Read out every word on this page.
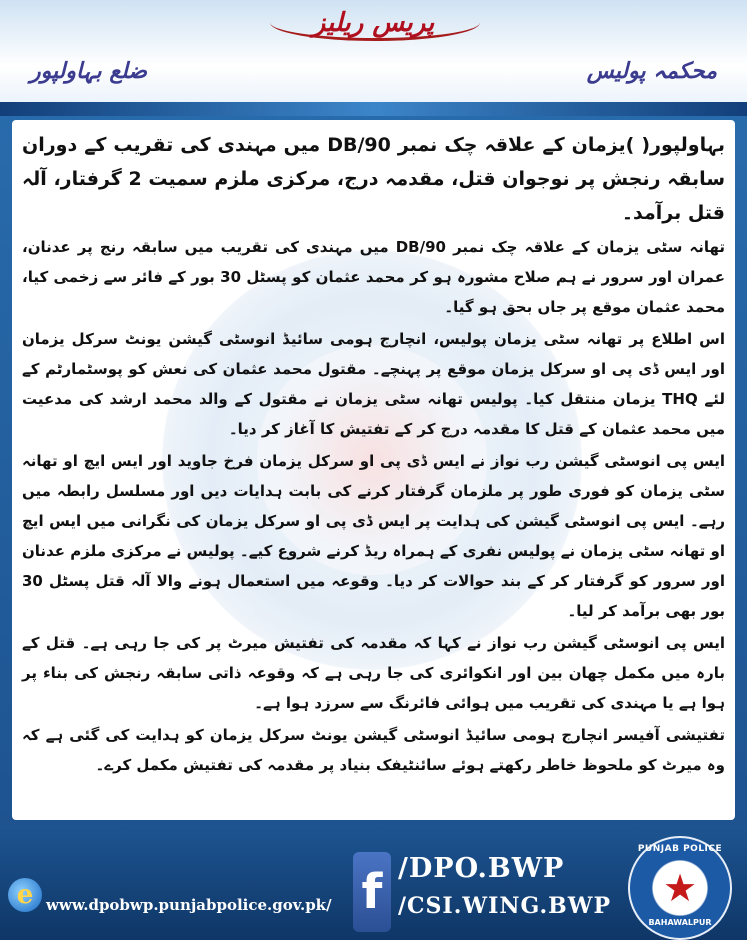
پریس ریلیز
محکمہ پولیس
ضلع بہاولپور
بہاولپور( )یزمان کے علاقہ چک نمبر 90/DB میں مہندی کی تقریب کے دوران سابقہ رنجش پر نوجوان قتل، مقدمہ درج، مرکزی ملزم سمیت 2 گرفتار، آلہ قتل برآمد۔

تھانہ سٹی یزمان کے علاقہ چک نمبر 90/DB میں مہندی کی تقریب میں سابقہ رنج پر عدنان، عمران اور سرور نے ہم صلاح مشورہ ہو کر محمد عثمان کو پسٹل 30 بور کے فائر سے زخمی کیا، محمد عثمان موقع پر جاں بحق ہو گیا۔

اس اطلاع پر تھانہ سٹی یزمان پولیس، انچارج ہومی سائیڈ انوسٹی گیشن یونٹ سرکل یزمان اور ایس ڈی پی او سرکل یزمان موقع پر پہنچے۔ مقتول محمد عثمان کی نعش کو پوسٹمارٹم کے لئے THQ یزمان منتقل کیا۔ پولیس تھانہ سٹی یزمان نے مقتول کے والد محمد ارشد کی مدعیت میں محمد عثمان کے قتل کا مقدمہ درج کر کے تفتیش کا آغاز کر دیا۔

ایس پی انوسٹی گیشن رب نواز نے ایس ڈی پی او سرکل یزمان فرخ جاوید اور ایس ایچ او تھانہ سٹی یزمان کو فوری طور پر ملزمان گرفتار کرنے کی بابت ہدایات دیں اور مسلسل رابطہ میں رہے۔ ایس پی انوسٹی گیشن کی ہدایت پر ایس ڈی پی او سرکل یزمان کی نگرانی میں ایس ایچ او تھانہ سٹی یزمان نے پولیس نفری کے ہمراہ ریڈ کرنے شروع کیے۔ پولیس نے مرکزی ملزم عدنان اور سرور کو گرفتار کر کے بند حوالات کر دیا۔ وقوعہ میں استعمال ہونے والا آلہ قتل پسٹل 30 بور بھی برآمد کر لیا۔

ایس پی انوسٹی گیشن رب نواز نے کہا کہ مقدمہ کی تفتیش میرٹ پر کی جا رہی ہے۔ قتل کے بارہ میں مکمل چھان بین اور انکوائری کی جا رہی ہے کہ وقوعہ ذاتی سابقہ رنجش کی بناء پر ہوا ہے یا مہندی کی تقریب میں ہوائی فائرنگ سے سرزد ہوا ہے۔

تفتیشی آفیسر انچارج ہومی سائیڈ انوسٹی گیشن یونٹ سرکل یزمان کو ہدایت کی گئی ہے کہ وہ میرٹ کو ملحوظ خاطر رکھتے ہوئے سائنٹیفک بنیاد پر مقدمہ کی تفتیش مکمل کرے۔

e www.dpobwp.punjabpolice.gov.pk/ f /DPO.BWP
/CSI.WING.BWP
PUNJAB POLICE
★
BAHAWALPUR
